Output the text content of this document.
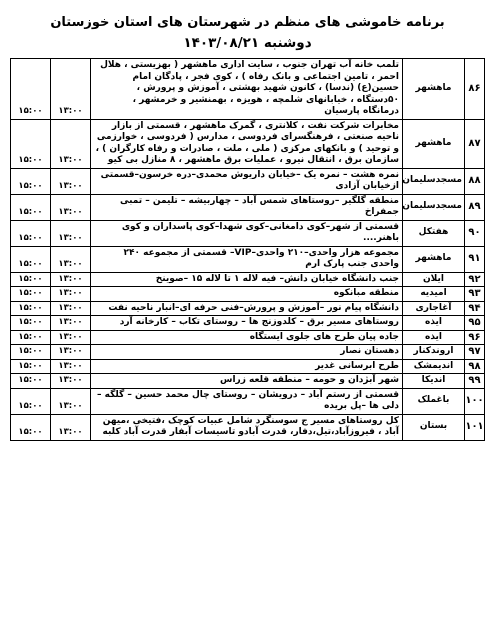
برنامه خاموشی های منظم در شهرستان های استان خوزستان
دوشنبه ۱۴۰۳/۰۸/۲۱
۸۶	ماهشهر	تلمب خانه آب تهران جنوب ، سایت اداری ماهشهر ( بهزیستی ، هلال احمر ، تامین اجتماعی و بانک رفاه ) ، کوی فجر ، پادگان امام حسین(ع) (ندسا) ، کانون شهید بهشتی ، آموزش و پرورش ، ۵۰دستگاه ، خیابانهای شلمچه ، هویزه ، بهمنشیر و خرمشهر ، درمانگاه پارسیان	۱۳:۰۰	۱۵:۰۰
۸۷	ماهشهر	مخابرات شرکت نفت ، کلانتری ، گمرک ماهشهر ، قسمتی از بازار ناحیه صنعتی ، فرهنگسرای فردوسی ، مدارس ( فردوسی ، خوارزمی و توحید ) و بانکهای مرکزی ( ملی ، ملت ، صادرات و رفاه کارگران ) ، سازمان برق ، انتقال نیرو ، عملیات برق ماهشهر ، ۸ منازل بی کیو	۱۳:۰۰	۱۵:۰۰
۸۸	مسجدسلیمان	نمره هشت – نمره یک –خیابان داریوش محمدی–دره خرسون–قسمتی ازخیابان آزادی	۱۳:۰۰	۱۵:۰۰
۸۹	مسجدسلیمان	منطقه گلگیر –روستاهای شمس آباد – چهاربیشه – تلیمن – تمبی جمفراخ	۱۳:۰۰	۱۵:۰۰
۹۰	هفتکل	قسمتی از شهر–کوی دامغانی–کوی شهدا–کوی پاسداران و کوی باهنر....	۱۳:۰۰	۱۵:۰۰
۹۱	ماهشهر	مجموعه هزار واحدی–۲۱۰ واحدی–VIP– قسمتی از مجموعه ۲۴۰ واحدی جنب پارک ارم	۱۳:۰۰	۱۵:۰۰
۹۲	ایلان	جنب دانشگاه خیابان دانش– فیه لاله ۱ تا لاله ۱۵ –صوینخ	۱۳:۰۰	۱۵:۰۰
۹۳	امیدیه	منطقه مبانکوه	۱۳:۰۰	۱۵:۰۰
۹۴	آغاجاری	دانشگاه پیام نور –آموزش و پرورش–فنی حرفه ای–انبار ناحیه نفت	۱۳:۰۰	۱۵:۰۰
۹۵	ایذه	روستاهای مسیر برق – کلدوزنج ها – روستای تکاب – کارخانه آرد	۱۳:۰۰	۱۵:۰۰
۹۶	ایذه	جاده پیان طرح های جلوی ایستگاه	۱۳:۰۰	۱۵:۰۰
۹۷	اروندکنار	دهستان نصار	۱۳:۰۰	۱۵:۰۰
۹۸	اندیمشک	طرح ابرسانی غدیر	۱۳:۰۰	۱۵:۰۰
۹۹	اندیکا	شهر آبژدان و حومه – منطقه قلعه زراس	۱۳:۰۰	۱۵:۰۰
۱۰۰	باغملک	قسمتی از رستم آباد – درویشان – روستای چال محمد حسین – گلگه – دلی ها –پل بریده	۱۳:۰۰	۱۵:۰۰
۱۰۱	بستان	کل روستاهای مسیر ج سوسنگرد شامل عبیات کوچک ،فتیخی ،میهن آباد ، فیروزآباد،تیل،دفار، قدرت آبادو تاسیسات آبفار قدرت آباد کلبه	۱۳:۰۰	۱۵:۰۰
